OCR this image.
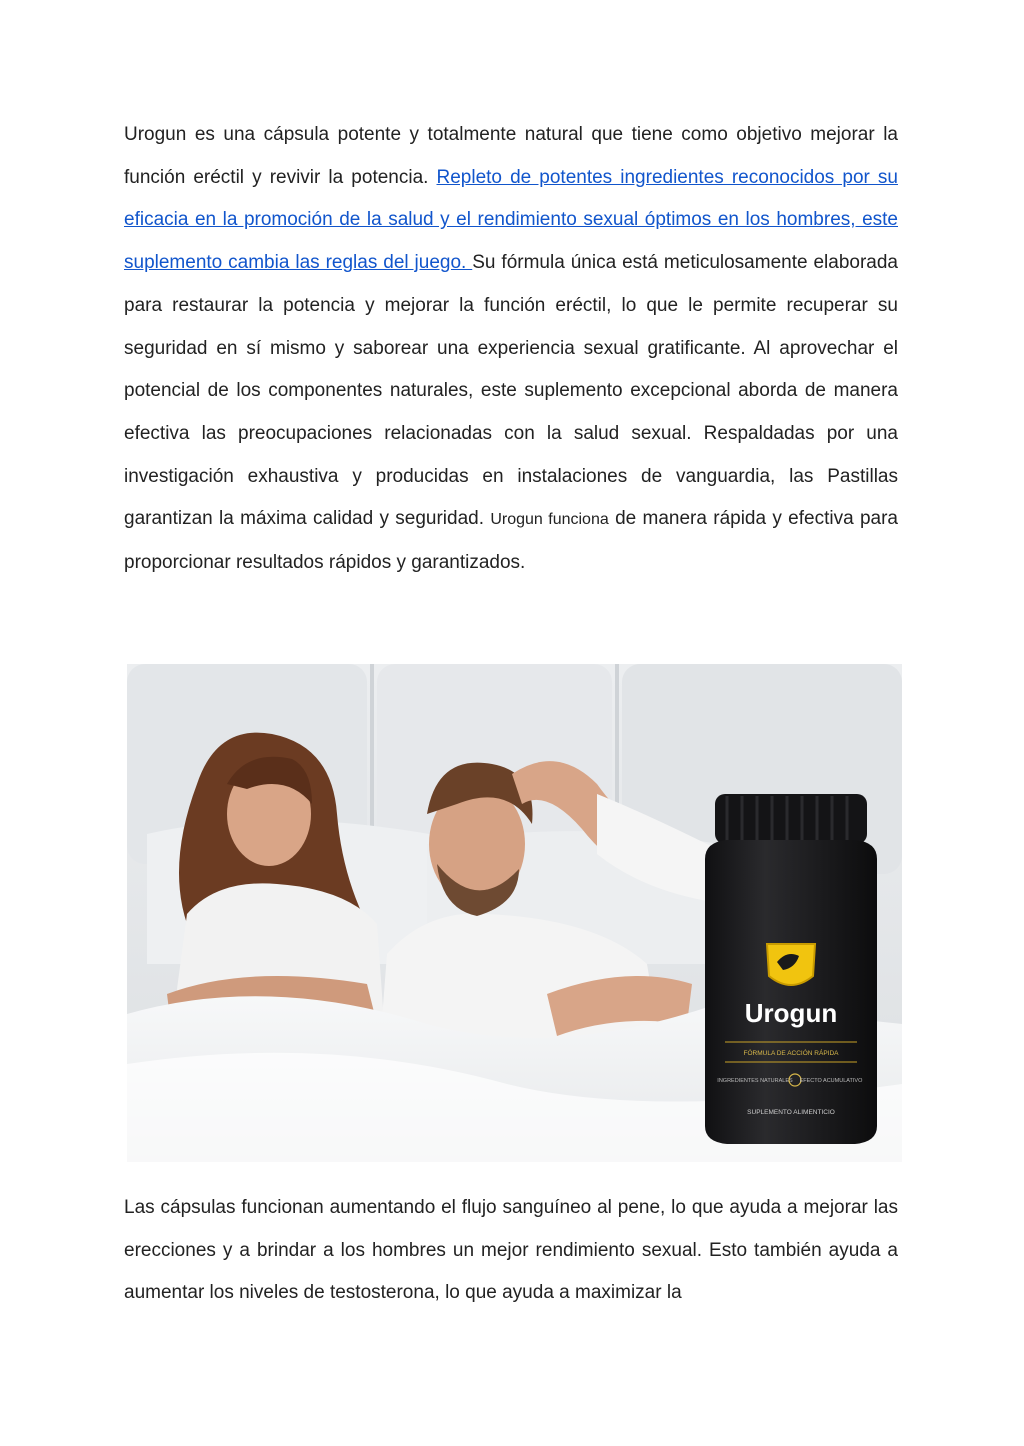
Urogun es una cápsula potente y totalmente natural que tiene como objetivo mejorar la función eréctil y revivir la potencia. Repleto de potentes ingredientes reconocidos por su eficacia en la promoción de la salud y el rendimiento sexual óptimos en los hombres, este suplemento cambia las reglas del juego. Su fórmula única está meticulosamente elaborada para restaurar la potencia y mejorar la función eréctil, lo que le permite recuperar su seguridad en sí mismo y saborear una experiencia sexual gratificante. Al aprovechar el potencial de los componentes naturales, este suplemento excepcional aborda de manera efectiva las preocupaciones relacionadas con la salud sexual. Respaldadas por una investigación exhaustiva y producidas en instalaciones de vanguardia, las Pastillas garantizan la máxima calidad y seguridad. Urogun funciona de manera rápida y efectiva para proporcionar resultados rápidos y garantizados.

Urogun
FÓRMULA DE ACCIÓN RÁPIDA
INGREDIENTES NATURALES EFECTO ACUMULATIVO
SUPLEMENTO ALIMENTICIO

Las cápsulas funcionan aumentando el flujo sanguíneo al pene, lo que ayuda a mejorar las erecciones y a brindar a los hombres un mejor rendimiento sexual. Esto también ayuda a aumentar los niveles de testosterona, lo que ayuda a maximizar la
